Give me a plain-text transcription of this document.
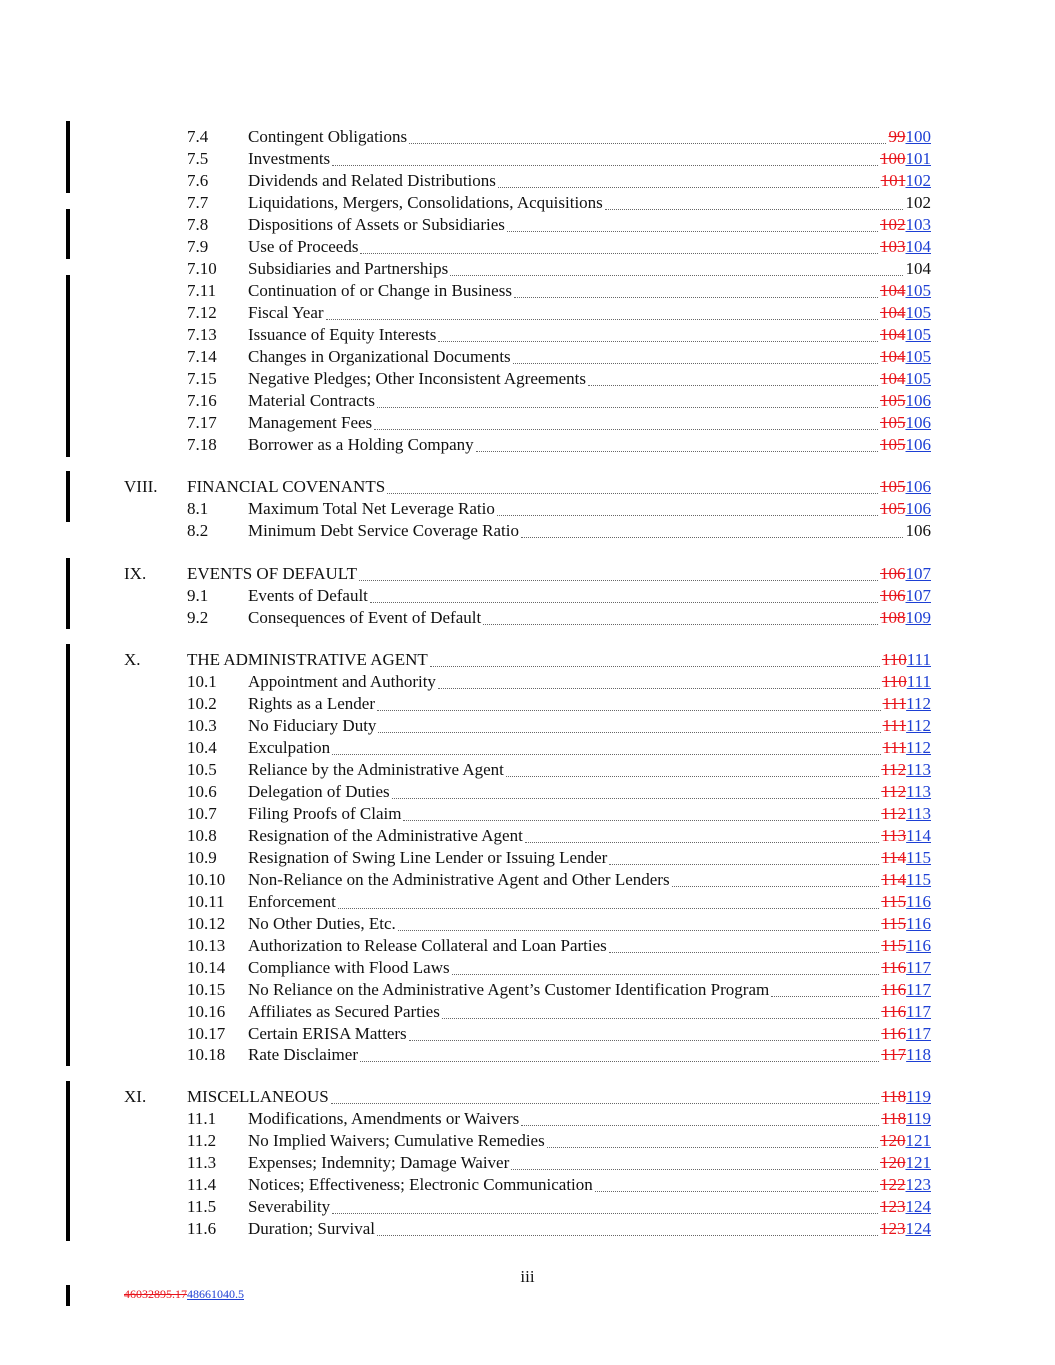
7.4 Contingent Obligations	99100
7.5 Investments	100101
7.6 Dividends and Related Distributions	101102
7.7 Liquidations, Mergers, Consolidations, Acquisitions	102
7.8 Dispositions of Assets or Subsidiaries	102103
7.9 Use of Proceeds	103104
7.10 Subsidiaries and Partnerships	104
7.11 Continuation of or Change in Business	104105
7.12 Fiscal Year	104105
7.13 Issuance of Equity Interests	104105
7.14 Changes in Organizational Documents	104105
7.15 Negative Pledges; Other Inconsistent Agreements	104105
7.16 Material Contracts	105106
7.17 Management Fees	105106
7.18 Borrower as a Holding Company	105106
VIII. FINANCIAL COVENANTS	105106
8.1 Maximum Total Net Leverage Ratio	105106
8.2 Minimum Debt Service Coverage Ratio	106
IX. EVENTS OF DEFAULT	106107
9.1 Events of Default	106107
9.2 Consequences of Event of Default	108109
X.	THE ADMINISTRATIVE AGENT	110111
10.1 Appointment and Authority	110111
10.2 Rights as a Lender	111112
10.3 No Fiduciary Duty	111112
10.4 Exculpation	111112
10.5 Reliance by the Administrative Agent	112113
10.6 Delegation of Duties	112113
10.7 Filing Proofs of Claim	112113
10.8 Resignation of the Administrative Agent	113114
10.9 Resignation of Swing Line Lender or Issuing Lender	114115
10.10 Non-Reliance on the Administrative Agent and Other Lenders	114115
10.11 Enforcement	115116
10.12 No Other Duties, Etc.	115116
10.13 Authorization to Release Collateral and Loan Parties	115116
10.14 Compliance with Flood Laws	116117
10.15 No Reliance on the Administrative Agent’s Customer Identification Program	116117
10.16 Affiliates as Secured Parties	116117
10.17 Certain ERISA Matters	116117
10.18 Rate Disclaimer	117118
XI. MISCELLANEOUS	118119
11.1 Modifications, Amendments or Waivers	118119
11.2 No Implied Waivers; Cumulative Remedies	120121
11.3 Expenses; Indemnity; Damage Waiver	120121
11.4 Notices; Effectiveness; Electronic Communication	122123
11.5 Severability	123124
11.6 Duration; Survival	123124
iii
46032895.1748661040.5
